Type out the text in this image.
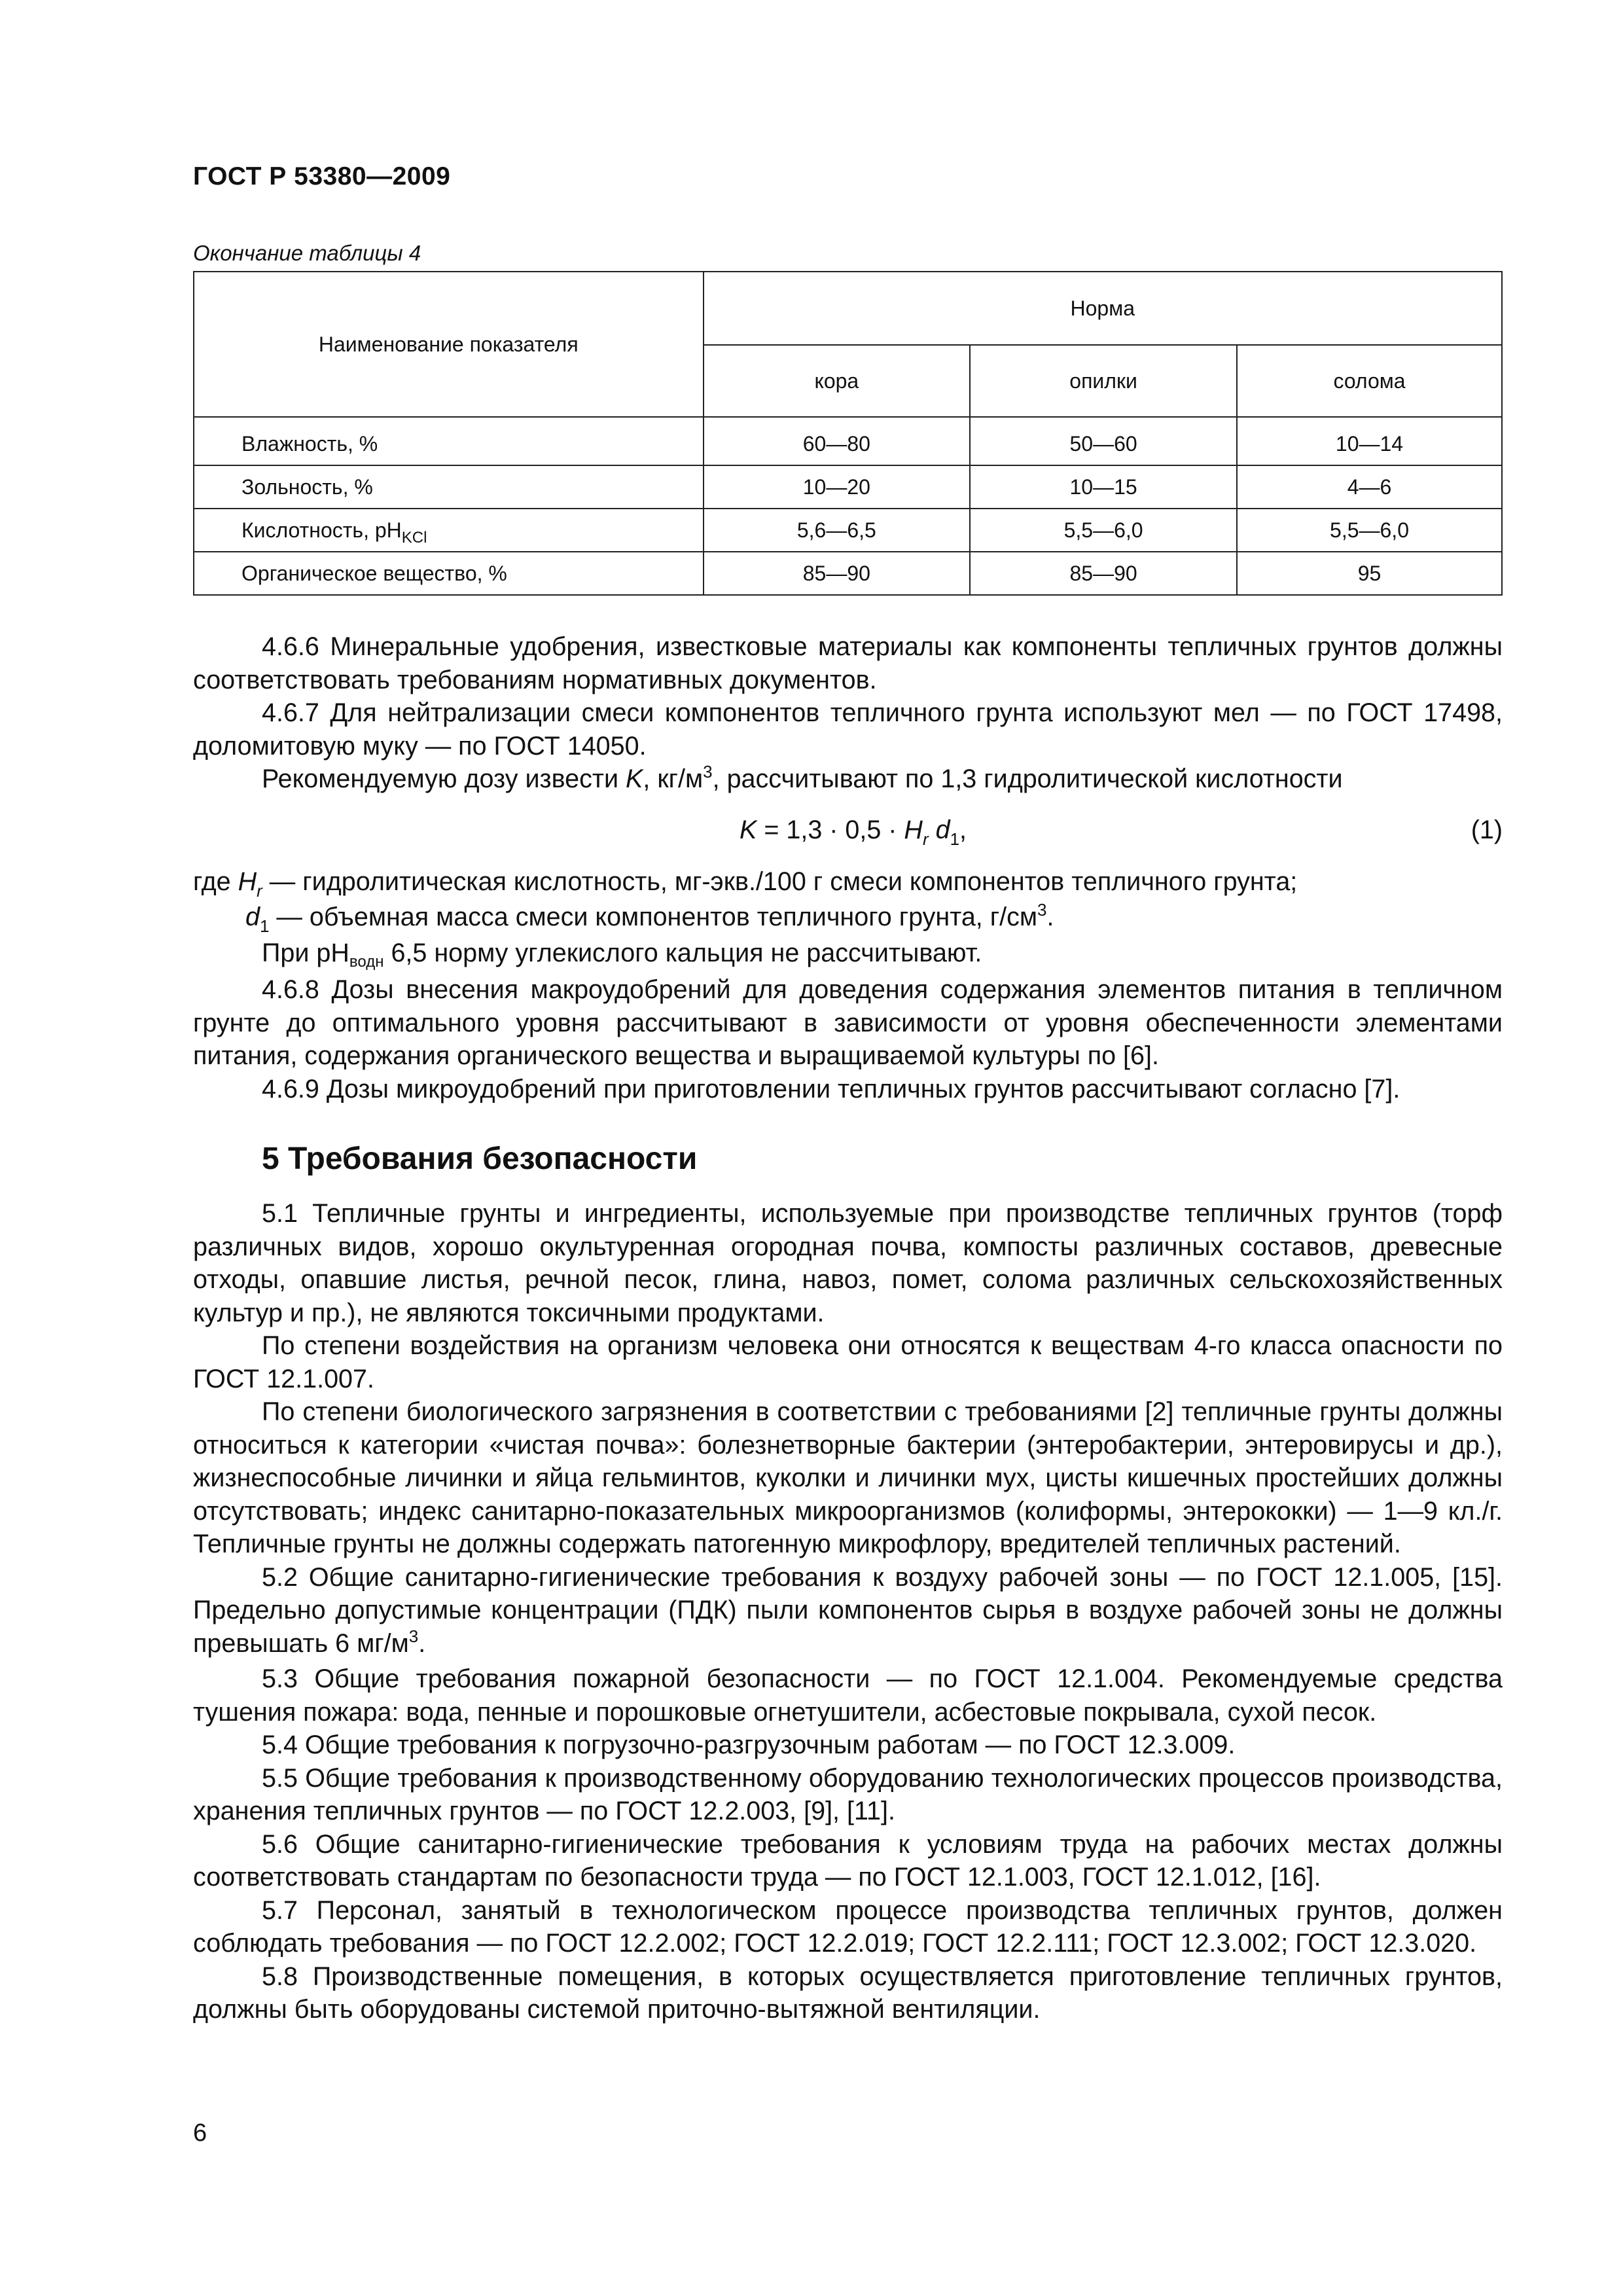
ГОСТ Р 53380—2009
Окончание таблицы 4
Наименование показателя	Норма		
	кора	опилки	солома
Влажность, %	60—80	50—60	10—14
Зольность, %	10—20	10—15	4—6
Кислотность, $pH_{KCl}$	5,6—6,5	5,5—6,0	5,5—6,0
Органическое вещество, %	85—90	85—90	95

4.6.6 Минеральные удобрения, известковые материалы как компоненты тепличных грунтов должны соответствовать требованиям нормативных документов.

4.6.7 Для нейтрализации смеси компонентов тепличного грунта используют мел — по ГОСТ 17498, доломитовую муку — по ГОСТ 14050.

Рекомендуемую дозу извести K, $кг/м^3$, рассчитывают по 1,3 гидролитической кислотности

$K = 1,3 \cdot 0,5 \cdot H_r$ $d_1$,	(1)

где $H_r$ — гидролитическая кислотность, мг-экв./100 г смеси компонентов тепличного грунта;

$d_1$ — объемная масса смеси компонентов тепличного грунта, $г/см^3$.

При $pH_{водн}$ 6,5 норму углекислого кальция не рассчитывают.

4.6.8 Дозы внесения макроудобрений для доведения содержания элементов питания в тепличном грунте до оптимального уровня рассчитывают в зависимости от уровня обеспеченности элементами питания, содержания органического вещества и выращиваемой культуры по [6].

4.6.9 Дозы микроудобрений при приготовлении тепличных грунтов рассчитывают согласно [7].

5 Требования безопасности

5.1 Тепличные грунты и ингредиенты, используемые при производстве тепличных грунтов (торф различных видов, хорошо окультуренная огородная почва, компосты различных составов, древесные отходы, опавшие листья, речной песок, глина, навоз, помет, солома различных сельскохозяйственных культур и пр.), не являются токсичными продуктами.

По степени воздействия на организм человека они относятся к веществам 4-го класса опасности по ГОСТ 12.1.007.

По степени биологического загрязнения в соответствии с требованиями [2] тепличные грунты должны относиться к категории «чистая почва»: болезнетворные бактерии (энтеробактерии, энтеровирусы и др.), жизнеспособные личинки и яйца гельминтов, куколки и личинки мух, цисты кишечных простейших должны отсутствовать; индекс санитарно-показательных микроорганизмов (колиформы, энтерококки) — 1—9 кл./г. Тепличные грунты не должны содержать патогенную микрофлору, вредителей тепличных растений.

5.2 Общие санитарно-гигиенические требования к воздуху рабочей зоны — по ГОСТ 12.1.005, [15]. Предельно допустимые концентрации (ПДК) пыли компонентов сырья в воздухе рабочей зоны не должны превышать 6 $мг/м^3$.

5.3 Общие требования пожарной безопасности — по ГОСТ 12.1.004. Рекомендуемые средства тушения пожара: вода, пенные и порошковые огнетушители, асбестовые покрывала, сухой песок.

5.4 Общие требования к погрузочно-разгрузочным работам — по ГОСТ 12.3.009.

5.5 Общие требования к производственному оборудованию технологических процессов производства, хранения тепличных грунтов — по ГОСТ 12.2.003, [9], [11].

5.6 Общие санитарно-гигиенические требования к условиям труда на рабочих местах должны соответствовать стандартам по безопасности труда — по ГОСТ 12.1.003, ГОСТ 12.1.012, [16].

5.7 Персонал, занятый в технологическом процессе производства тепличных грунтов, должен соблюдать требования — по ГОСТ 12.2.002; ГОСТ 12.2.019; ГОСТ 12.2.111; ГОСТ 12.3.002; ГОСТ 12.3.020.

5.8 Производственные помещения, в которых осуществляется приготовление тепличных грунтов, должны быть оборудованы системой приточно-вытяжной вентиляции.

6
